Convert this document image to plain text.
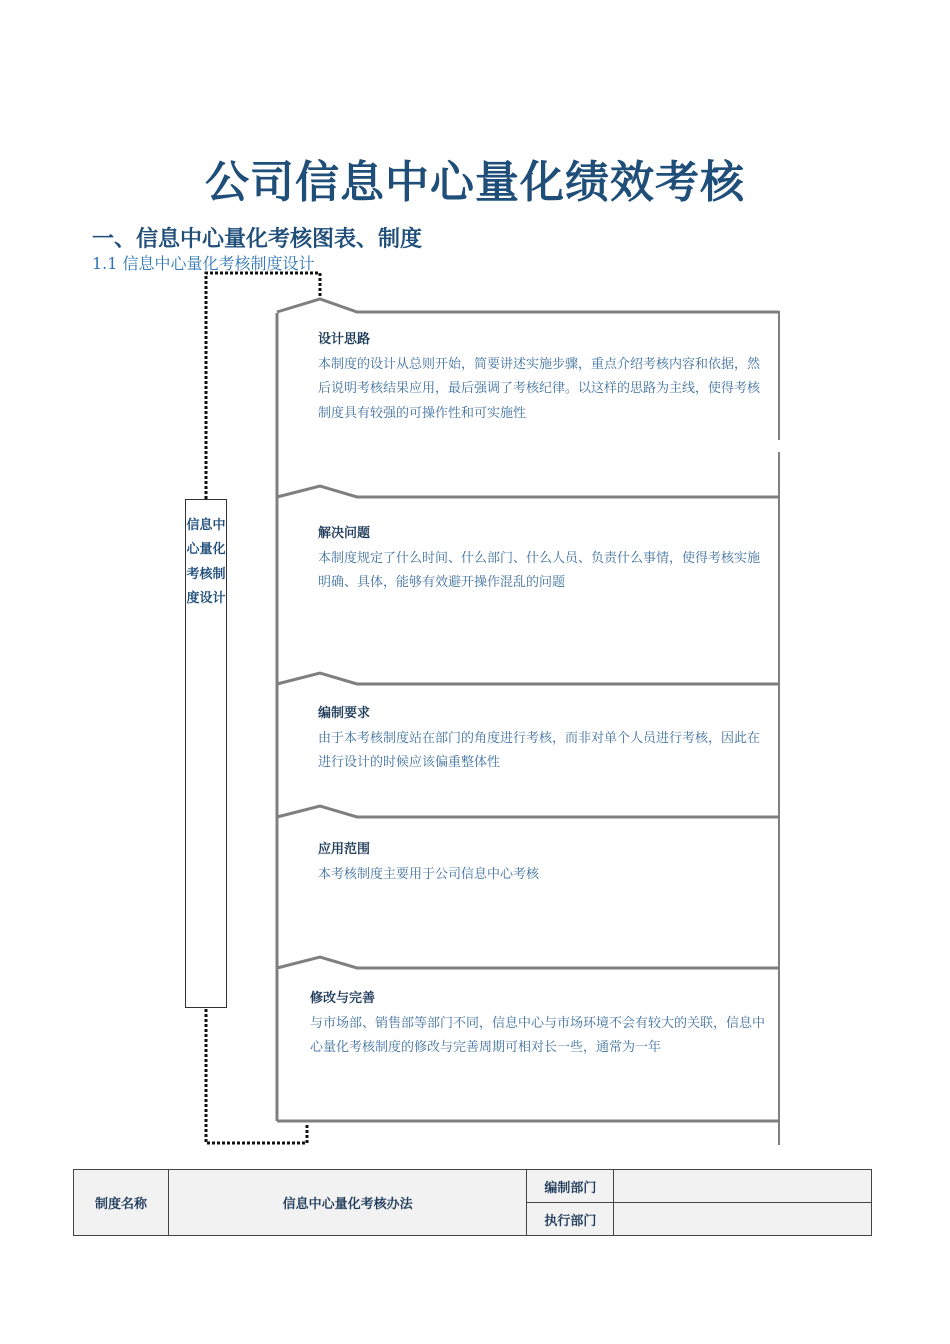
公司信息中心量化绩效考核
一、信息中心量化考核图表、制度
1.1 信息中心量化考核制度设计
信息中心量化考核制度设计
设计思路
本制度的设计从总则开始，简要讲述实施步骤，重点介绍考核内容和依据，然后说明考核结果应用，最后强调了考核纪律。以这样的思路为主线，使得考核制度具有较强的可操作性和可实施性
解决问题
本制度规定了什么时间、什么部门、什么人员、负责什么事情，使得考核实施明确、具体，能够有效避开操作混乱的问题
编制要求
由于本考核制度站在部门的角度进行考核，而非对单个人员进行考核，因此在进行设计的时候应该偏重整体性
应用范围
本考核制度主要用于公司信息中心考核
修改与完善
与市场部、销售部等部门不同，信息中心与市场环境不会有较大的关联，信息中心量化考核制度的修改与完善周期可相对长一些，通常为一年
制度名称	信息中心量化考核办法	编制部门	
		执行部门	
